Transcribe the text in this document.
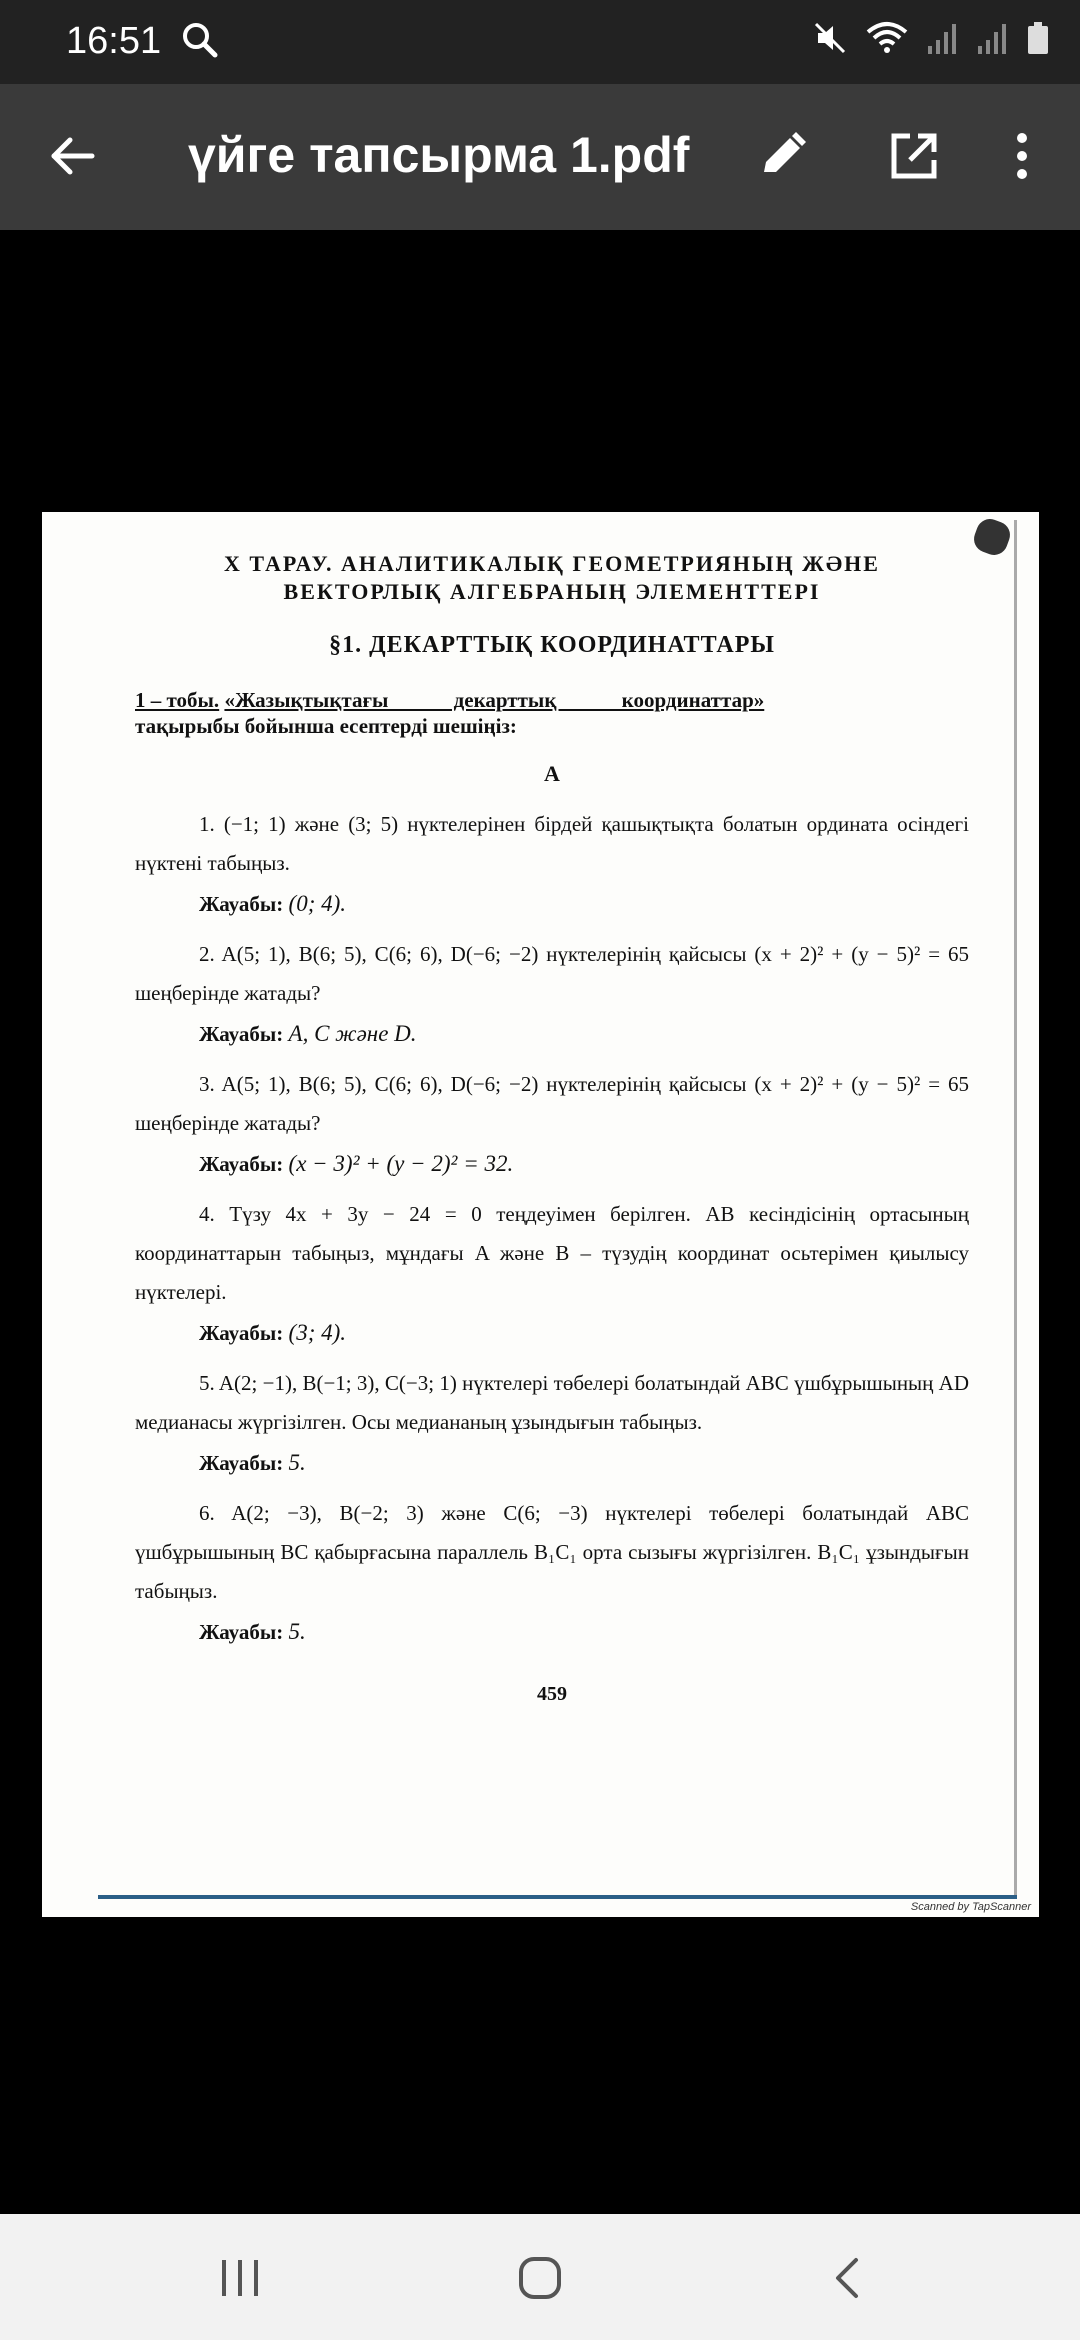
16:51
үйге тапсырма 1.pdf
X ТАРАУ. АНАЛИТИКАЛЫҚ ГЕОМЕТРИЯНЫҢ ЖӘНЕ
ВЕКТОРЛЫҚ АЛГЕБРАНЫҢ ЭЛЕМЕНТТЕРІ
§1. ДЕКАРТТЫҚ КООРДИНАТТАРЫ
1 – тобы. «Жазықтықтағы декарттық координаттар»
тақырыбы бойынша есептерді шешіңіз:
А
1. (−1; 1) және (3; 5) нүктелерінен бірдей қашықтықта болатын ордината осіндегі нүктені табыңыз.
Жауабы: (0; 4).
2. A(5; 1), B(6; 5), C(6; 6), D(−6; −2) нүктелерінің қайсысы (x + 2)² + (y − 5)² = 65 шеңберінде жатады?
Жауабы: A, C және D.
3. A(5; 1), B(6; 5), C(6; 6), D(−6; −2) нүктелерінің қайсысы (x + 2)² + (y − 5)² = 65 шеңберінде жатады?
Жауабы: (x − 3)² + (y − 2)² = 32.
4. Түзу 4x + 3y − 24 = 0 теңдеуімен берілген. AB кесіндісінің ортасының координаттарын табыңыз, мұндағы A және B – түзудің координат осьтерімен қиылысу нүктелері.
Жауабы: (3; 4).
5. A(2; −1), B(−1; 3), C(−3; 1) нүктелері төбелері болатындай ABC үшбұрышының AD медианасы жүргізілген. Осы медиананың ұзындығын табыңыз.
Жауабы: 5.
6. A(2; −3), B(−2; 3) және C(6; −3) нүктелері төбелері болатындай ABC үшбұрышының BC қабырғасына параллель B₁C₁ орта сызығы жүргізілген. B₁C₁ ұзындығын табыңыз.
Жауабы: 5.
459
Scanned by TapScanner
